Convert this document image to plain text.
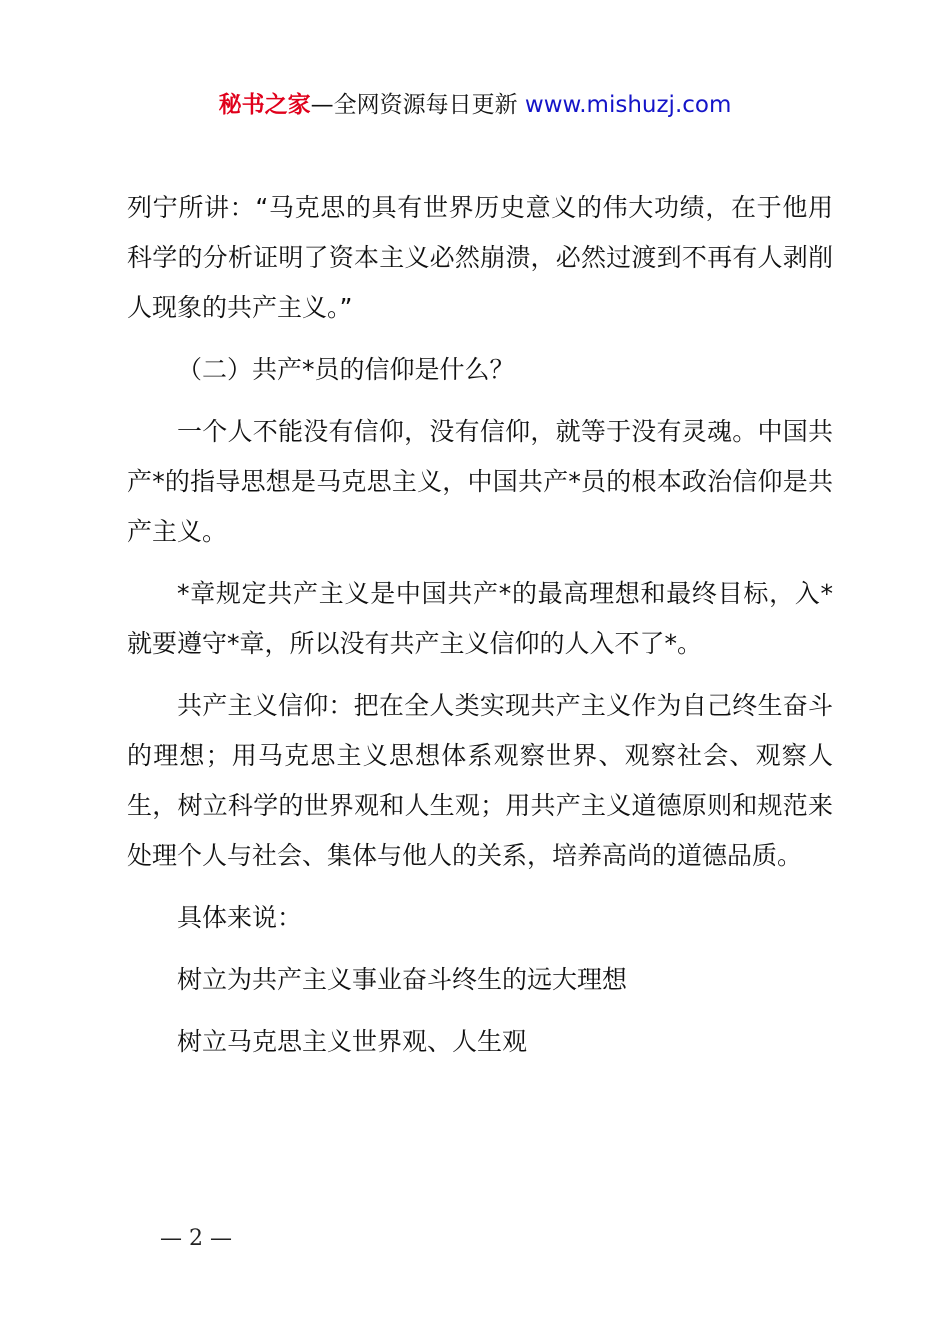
秘书之家—全网资源每日更新 www.mishuzj.com

列宁所讲：“马克思的具有世界历史意义的伟大功绩，在于他用科学的分析证明了资本主义必然崩溃，必然过渡到不再有人剥削人现象的共产主义。”

（二）共产*员的信仰是什么？

一个人不能没有信仰，没有信仰，就等于没有灵魂。中国共产*的指导思想是马克思主义，中国共产*员的根本政治信仰是共产主义。

*章规定共产主义是中国共产*的最高理想和最终目标，入*就要遵守*章，所以没有共产主义信仰的人入不了*。

共产主义信仰：把在全人类实现共产主义作为自己终生奋斗的理想；用马克思主义思想体系观察世界、观察社会、观察人生，树立科学的世界观和人生观；用共产主义道德原则和规范来处理个人与社会、集体与他人的关系，培养高尚的道德品质。

具体来说：

树立为共产主义事业奋斗终生的远大理想

树立马克思主义世界观、人生观

— 2 —
